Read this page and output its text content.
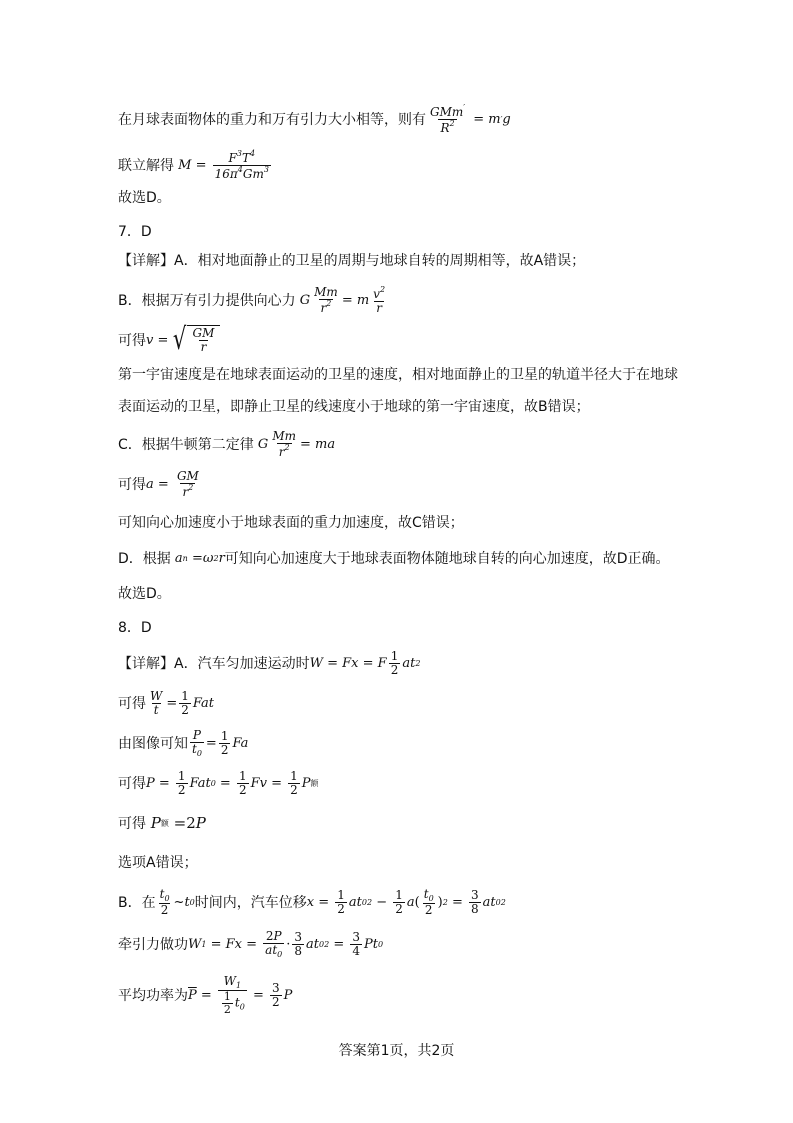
在月球表面物体的重力和万有引力大小相等，则有 $\frac{GMm'}{R^2} = m$ ′ g
联立解得 $M = \frac{F^3T^4}{16\pi^4Gm^3}$
故选D。
7．D
【详解】A．相对地面静止的卫星的周期与地球自转的周期相等，故A错误；
B．根据万有引力提供向心力 G $\frac{Mm}{r^2} = m \frac{v^2}{r}$
可得 v = √ $\frac{GM}{r}$
第一宇宙速度是在地球表面运动的卫星的速度，相对地面静止的卫星的轨道半径大于在地球
表面运动的卫星，即静止卫星的线速度小于地球的第一宇宙速度，故B错误；
C．根据牛顿第二定律 G $\frac{Mm}{r^2}$ = ma
可得 $a = \frac{GM}{r^2}$
可知向心加速度小于地球表面的重力加速度，故C错误；
D．根据 a n = ω 2 r 可知向心加速度大于地球表面物体随地球自转的向心加速度，故D正确。
故选D。
8．D
【详解】A．汽车匀加速运动时 W = Fx = F $\frac{1}{2}$ at 2
可得 $\frac{W}{t} = \frac{1}{2}$ Fat
由图像可知 $\frac{P}{t_0} = \frac{1}{2}$ Fa
可得 $P = \frac{1}{2}$ Fat $0 = \frac{1}{2}$ $Fv = \frac{1}{2}$ P 额
可得 P 额 = 2 P
选项A错误；
B．在 $\frac{t_0}{2}$ ~ t 0 时间内，汽车位移 $x = \frac{1}{2}$ at 0 $2 - \frac{1}{2}$ a ( $\frac{t_0}{2}$ ) $2 = \frac{3}{8}$ at 0 2
牵引力做功 W $1 = Fx = \frac{2P}{at_0} \cdot \frac{3}{8}$ at 0 $2 = \frac{3}{4}$ Pt 0
平均功率为 $\overline{P} = \frac{W_1}{\frac{1}{2} t_0} = \frac{3}{2}$ P
答案第1页，共2页
